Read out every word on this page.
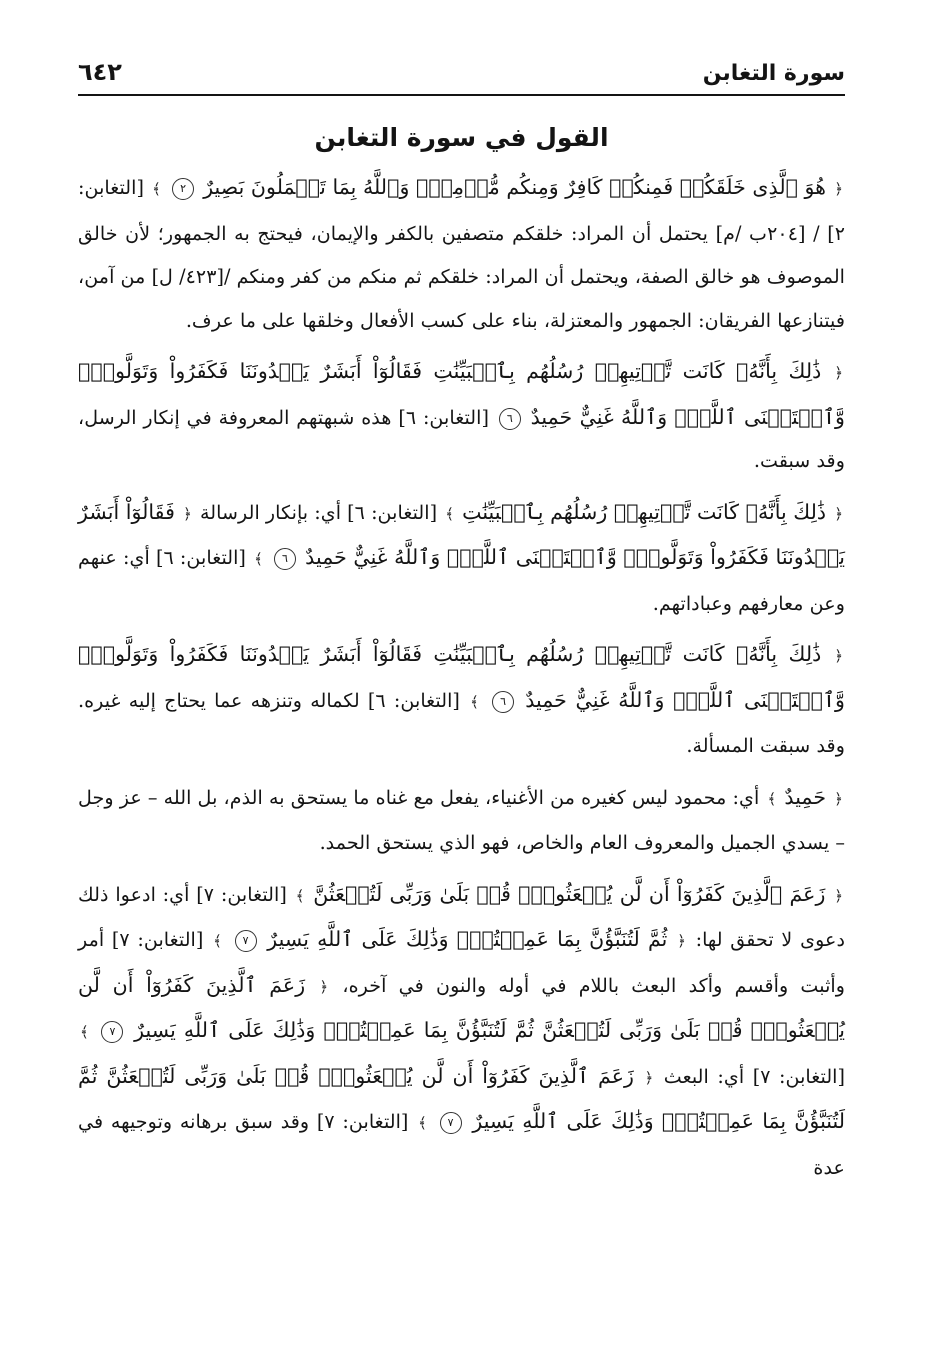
سورة التغابن
٦٤٢
القول في سورة التغابن

﴿ هُوَ ٱلَّذِى خَلَقَكُمۡ فَمِنكُمۡ كَافِرٌ وَمِنكُم مُّؤۡمِنٌۚ وَٱللَّهُ بِمَا تَعۡمَلُونَ بَصِيرٌ ٢ ﴾ [التغابن: ٢] / [٢٠٤ب /م] يحتمل أن المراد: خلقكم متصفين بالكفر والإيمان، فيحتج به الجمهور؛ لأن خالق الموصوف هو خالق الصفة، ويحتمل أن المراد: خلقكم ثم منكم من كفر ومنكم /[٤٢٣/ ل] من آمن، فيتنازعها الفريقان: الجمهور والمعتزلة، بناء على كسب الأفعال وخلقها على ما عرف.

﴿ ذَٰلِكَ بِأَنَّهُۥ كَانَت تَّأۡتِيهِمۡ رُسُلُهُم بِٱلۡبَيِّنَٰتِ فَقَالُوٓاْ أَبَشَرٌ يَهۡدُونَنَا فَكَفَرُواْ وَتَوَلَّواْۚ وَّٱسۡتَغۡنَى ٱللَّهُۚ وَٱللَّهُ غَنِيٌّ حَمِيدٌ ٦ [التغابن: ٦] هذه شبهتهم المعروفة في إنكار الرسل، وقد سبقت.

﴿ ذَٰلِكَ بِأَنَّهُۥ كَانَت تَّأۡتِيهِمۡ رُسُلُهُم بِٱلۡبَيِّنَٰتِ ﴾ [التغابن: ٦] أي: بإنكار الرسالة ﴿ فَقَالُوٓاْ أَبَشَرٌ يَهۡدُونَنَا فَكَفَرُواْ وَتَوَلَّواْۚ وَّٱسۡتَغۡنَى ٱللَّهُۚ وَٱللَّهُ غَنِيٌّ حَمِيدٌ ٦ ﴾ [التغابن: ٦] أي: عنهم وعن معارفهم وعباداتهم.

﴿ ذَٰلِكَ بِأَنَّهُۥ كَانَت تَّأۡتِيهِمۡ رُسُلُهُم بِٱلۡبَيِّنَٰتِ فَقَالُوٓاْ أَبَشَرٌ يَهۡدُونَنَا فَكَفَرُواْ وَتَوَلَّواْۚ وَّٱسۡتَغۡنَى ٱللَّهُۚ وَٱللَّهُ غَنِيٌّ حَمِيدٌ ٦ ﴾ [التغابن: ٦] لكماله وتنزهه عما يحتاج إليه غيره. وقد سبقت المسألة.

﴿ حَمِيدٌ ﴾ أي: محمود ليس كغيره من الأغنياء، يفعل مع غناه ما يستحق به الذم، بل الله – عز وجل – يسدي الجميل والمعروف العام والخاص، فهو الذي يستحق الحمد.

﴿ زَعَمَ ٱلَّذِينَ كَفَرُوٓاْ أَن لَّن يُبۡعَثُواْۚ قُلۡ بَلَىٰ وَرَبِّى لَتُبۡعَثُنَّ ﴾ [التغابن: ٧] أي: ادعوا ذلك دعوى لا تحقق لها: ﴿ ثُمَّ لَتُنَبَّؤُنَّ بِمَا عَمِلۡتُمۡۚ وَذَٰلِكَ عَلَى ٱللَّهِ يَسِيرٌ ٧ ﴾ [التغابن: ٧] أمر وأثبت وأقسم وأكد البعث باللام في أوله والنون في آخره، ﴿ زَعَمَ ٱلَّذِينَ كَفَرُوٓاْ أَن لَّن يُبۡعَثُواْۚ قُلۡ بَلَىٰ وَرَبِّى لَتُبۡعَثُنَّ ثُمَّ لَتُنَبَّؤُنَّ بِمَا عَمِلۡتُمۡۚ وَذَٰلِكَ عَلَى ٱللَّهِ يَسِيرٌ ٧ ﴾ [التغابن: ٧] أي: البعث ﴿ زَعَمَ ٱلَّذِينَ كَفَرُوٓاْ أَن لَّن يُبۡعَثُواْۚ قُلۡ بَلَىٰ وَرَبِّى لَتُبۡعَثُنَّ ثُمَّ لَتُنَبَّؤُنَّ بِمَا عَمِلۡتُمۡۚ وَذَٰلِكَ عَلَى ٱللَّهِ يَسِيرٌ ٧ ﴾ [التغابن: ٧] وقد سبق برهانه وتوجيهه في عدة
